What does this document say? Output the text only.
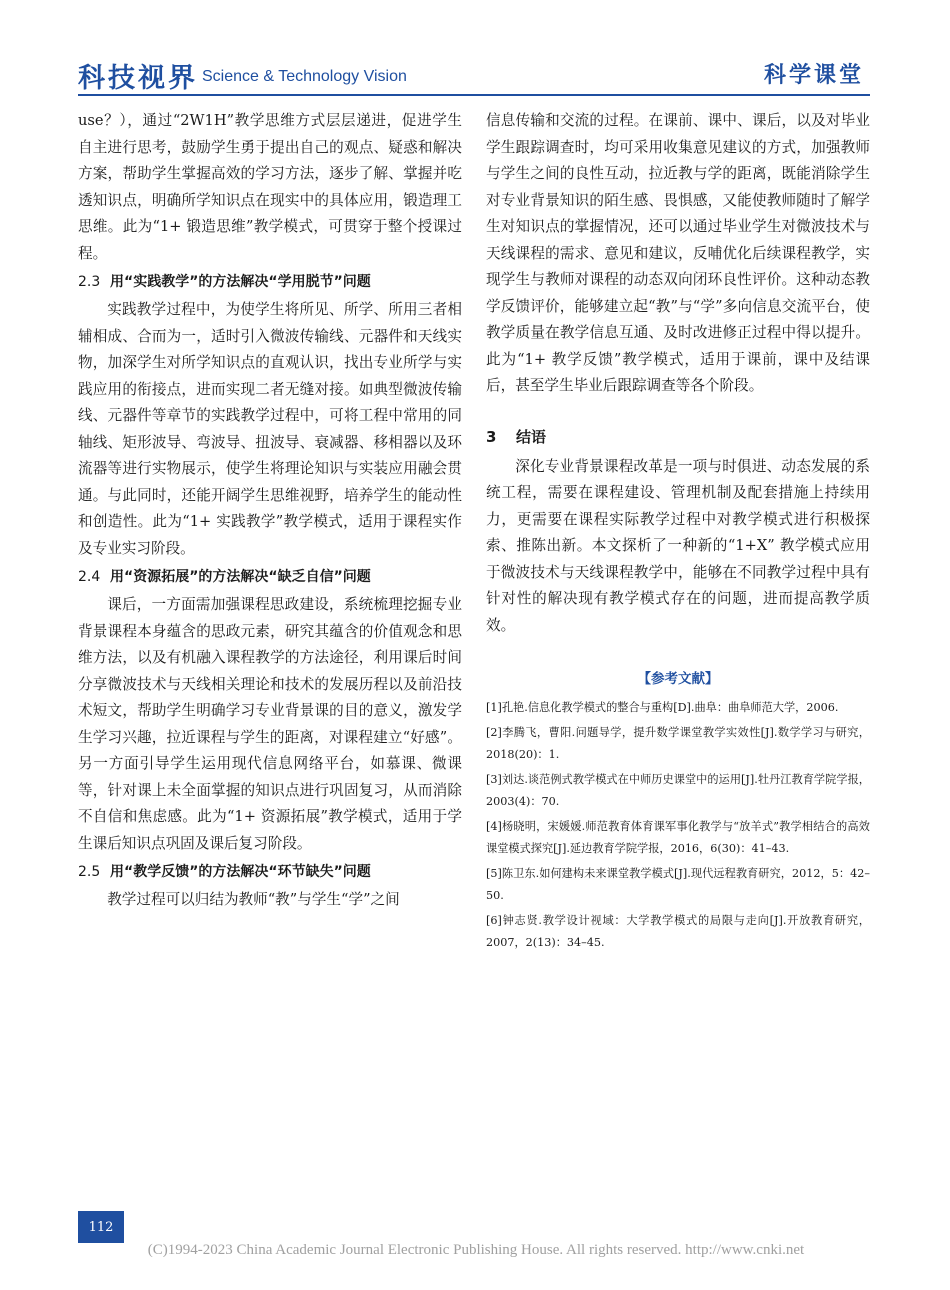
科技视界 Science & Technology Vision	科学课堂

use？），通过“2W1H”教学思维方式层层递进，促进学生自主进行思考，鼓励学生勇于提出自己的观点、疑惑和解决方案，帮助学生掌握高效的学习方法，逐步了解、掌握并吃透知识点，明确所学知识点在现实中的具体应用，锻造理工思维。此为“1+ 锻造思维”教学模式，可贯穿于整个授课过程。

2.3 用“实践教学”的方法解决“学用脱节”问题

实践教学过程中，为使学生将所见、所学、所用三者相辅相成、合而为一，适时引入微波传输线、元器件和天线实物，加深学生对所学知识点的直观认识，找出专业所学与实践应用的衔接点，进而实现二者无缝对接。如典型微波传输线、元器件等章节的实践教学过程中，可将工程中常用的同轴线、矩形波导、弯波导、扭波导、衰减器、移相器以及环流器等进行实物展示，使学生将理论知识与实装应用融会贯通。与此同时，还能开阔学生思维视野，培养学生的能动性和创造性。此为“1+ 实践教学”教学模式，适用于课程实作及专业实习阶段。

2.4 用“资源拓展”的方法解决“缺乏自信”问题

课后，一方面需加强课程思政建设，系统梳理挖掘专业背景课程本身蕴含的思政元素，研究其蕴含的价值观念和思维方法，以及有机融入课程教学的方法途径，利用课后时间分享微波技术与天线相关理论和技术的发展历程以及前沿技术短文，帮助学生明确学习专业背景课的目的意义，激发学生学习兴趣，拉近课程与学生的距离，对课程建立“好感”。另一方面引导学生运用现代信息网络平台，如慕课、微课等，针对课上未全面掌握的知识点进行巩固复习，从而消除不自信和焦虑感。此为“1+ 资源拓展”教学模式，适用于学生课后知识点巩固及课后复习阶段。

2.5 用“教学反馈”的方法解决“环节缺失”问题

教学过程可以归结为教师“教”与学生“学”之间

信息传输和交流的过程。在课前、课中、课后，以及对毕业学生跟踪调查时，均可采用收集意见建议的方式，加强教师与学生之间的良性互动，拉近教与学的距离，既能消除学生对专业背景知识的陌生感、畏惧感，又能使教师随时了解学生对知识点的掌握情况，还可以通过毕业学生对微波技术与天线课程的需求、意见和建议，反哺优化后续课程教学，实现学生与教师对课程的动态双向闭环良性评价。这种动态教学反馈评价，能够建立起“教”与“学”多向信息交流平台，使教学质量在教学信息互通、及时改进修正过程中得以提升。此为“1+ 教学反馈”教学模式，适用于课前，课中及结课后，甚至学生毕业后跟踪调查等各个阶段。

3 结语

深化专业背景课程改革是一项与时俱进、动态发展的系统工程，需要在课程建设、管理机制及配套措施上持续用力，更需要在课程实际教学过程中对教学模式进行积极探索、推陈出新。本文探析了一种新的“1+X” 教学模式应用于微波技术与天线课程教学中，能够在不同教学过程中具有针对性的解决现有教学模式存在的问题，进而提高教学质效。

【参考文献】

[1]孔艳.信息化教学模式的整合与重构[D].曲阜：曲阜师范大学，2006.

[2]李腾飞，曹阳.问题导学，提升数学课堂教学实效性[J].数学学习与研究，2018(20)：1.

[3]刘达.谈范例式教学模式在中师历史课堂中的运用[J].牡丹江教育学院学报，2003(4)：70.

[4]杨晓明，宋媛媛.师范教育体育课军事化教学与“放羊式”教学相结合的高效课堂模式探究[J].延边教育学院学报，2016，6(30)：41–43.

[5]陈卫东.如何建构未来课堂教学模式[J].现代远程教育研究，2012，5：42–50.

[6]钟志贤.教学设计视域：大学教学模式的局限与走向[J].开放教育研究，2007，2(13)：34–45.

112
(C)1994-2023 China Academic Journal Electronic Publishing House. All rights reserved. http://www.cnki.net
